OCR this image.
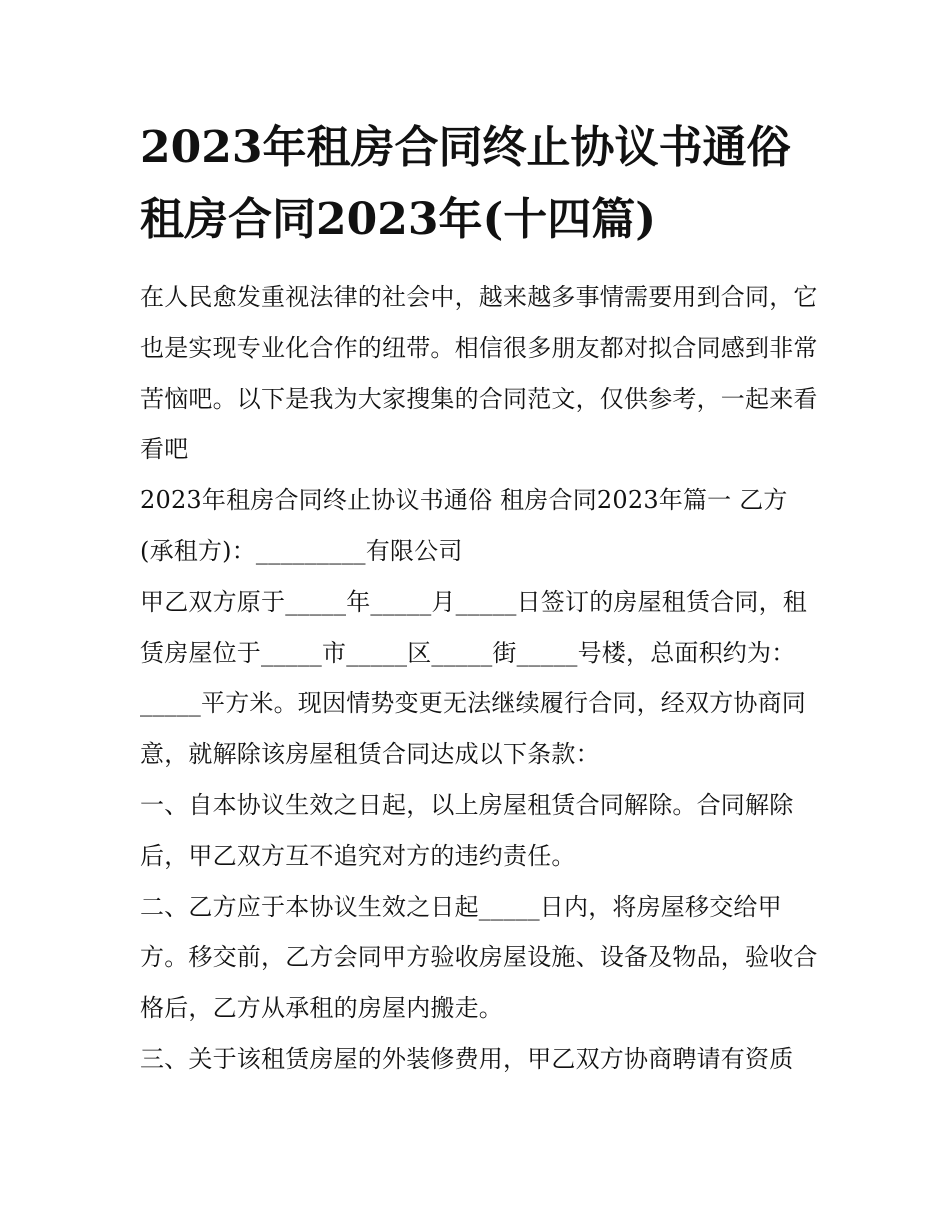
2023年租房合同终止协议书通俗 租房合同2023年(十四篇)

在人民愈发重视法律的社会中，越来越多事情需要用到合同，它也是实现专业化合作的纽带。相信很多朋友都对拟合同感到非常苦恼吧。以下是我为大家搜集的合同范文，仅供参考，一起来看看吧

2023年租房合同终止协议书通俗 租房合同2023年篇一 乙方(承租方)：_________有限公司

甲乙双方原于_____年_____月_____日签订的房屋租赁合同，租赁房屋位于_____市_____区_____街_____号楼，总面积约为：_____平方米。现因情势变更无法继续履行合同，经双方协商同意，就解除该房屋租赁合同达成以下条款：

一、自本协议生效之日起，以上房屋租赁合同解除。合同解除后，甲乙双方互不追究对方的违约责任。

二、乙方应于本协议生效之日起_____日内，将房屋移交给甲方。移交前，乙方会同甲方验收房屋设施、设备及物品，验收合格后，乙方从承租的房屋内搬走。

三、关于该租赁房屋的外装修费用，甲乙双方协商聘请有资质
